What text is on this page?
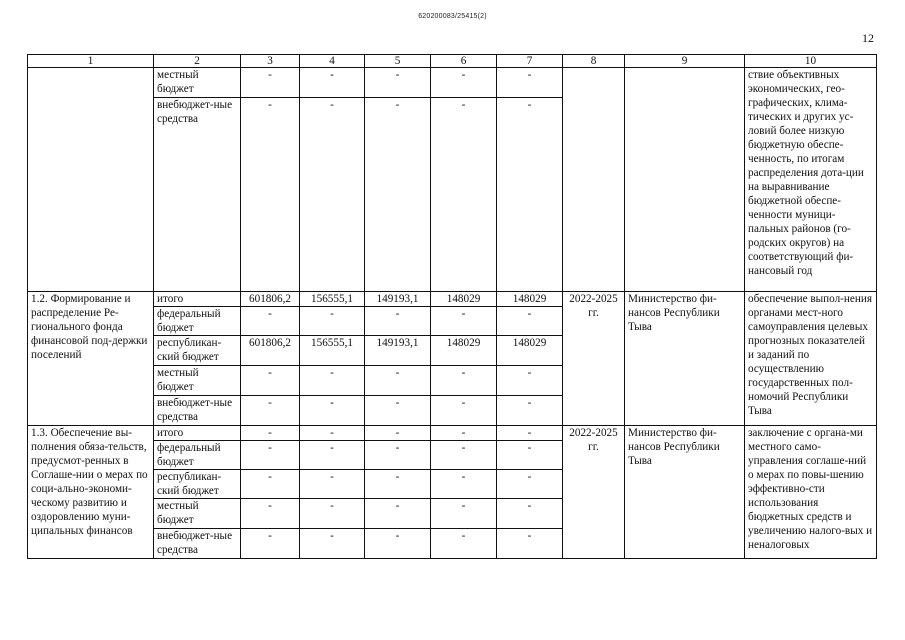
620200083/25415(2)
12
1	2	3	4	5	6	7	8	9	10
	местный бюджет	-	-	-	-	-			ствие объективных экономических, гео-графических, клима-тических и других ус-ловий более низкую бюджетную обеспе-ченность, по итогам распределения дота-ции на выравнивание бюджетной обеспе-ченности муници-пальных районов (го-родских округов) на соответствующий фи-нансовый год
	внебюджет-ные средства	-	-	-	-	-			
1.2. Формирование и распределение Ре-гионального фонда финансовой под-держки поселений	итого	601806,2	156555,1	149193,1	148029	148029	2022-2025 гг.	Министерство фи-нансов Республики Тыва	обеспечение выпол-нения органами мест-ного самоуправления целевых прогнозных показателей и заданий по осуществлению государственных пол-номочий Республики Тыва
	федеральный бюджет	-	-	-	-	-			
	республикан-ский бюджет	601806,2	156555,1	149193,1	148029	148029			
	местный бюджет	-	-	-	-	-			
	внебюджет-ные средства	-	-	-	-	-			
1.3. Обеспечение вы-полнения обяза-тельств, предусмот-ренных в Соглаше-нии о мерах по соци-ально-экономи-ческому развитию и оздоровлению муни-ципальных финансов	итого	-	-	-	-	-	2022-2025 гг.	Министерство фи-нансов Республики Тыва	заключение с органа-ми местного само-управления соглаше-ний о мерах по повы-шению эффективно-сти использования бюджетных средств и увеличению налого-вых и неналоговых
	федеральный бюджет	-	-	-	-	-			
	республикан-ский бюджет	-	-	-	-	-			
	местный бюджет	-	-	-	-	-			
	внебюджет-ные средства	-	-	-	-	-			
